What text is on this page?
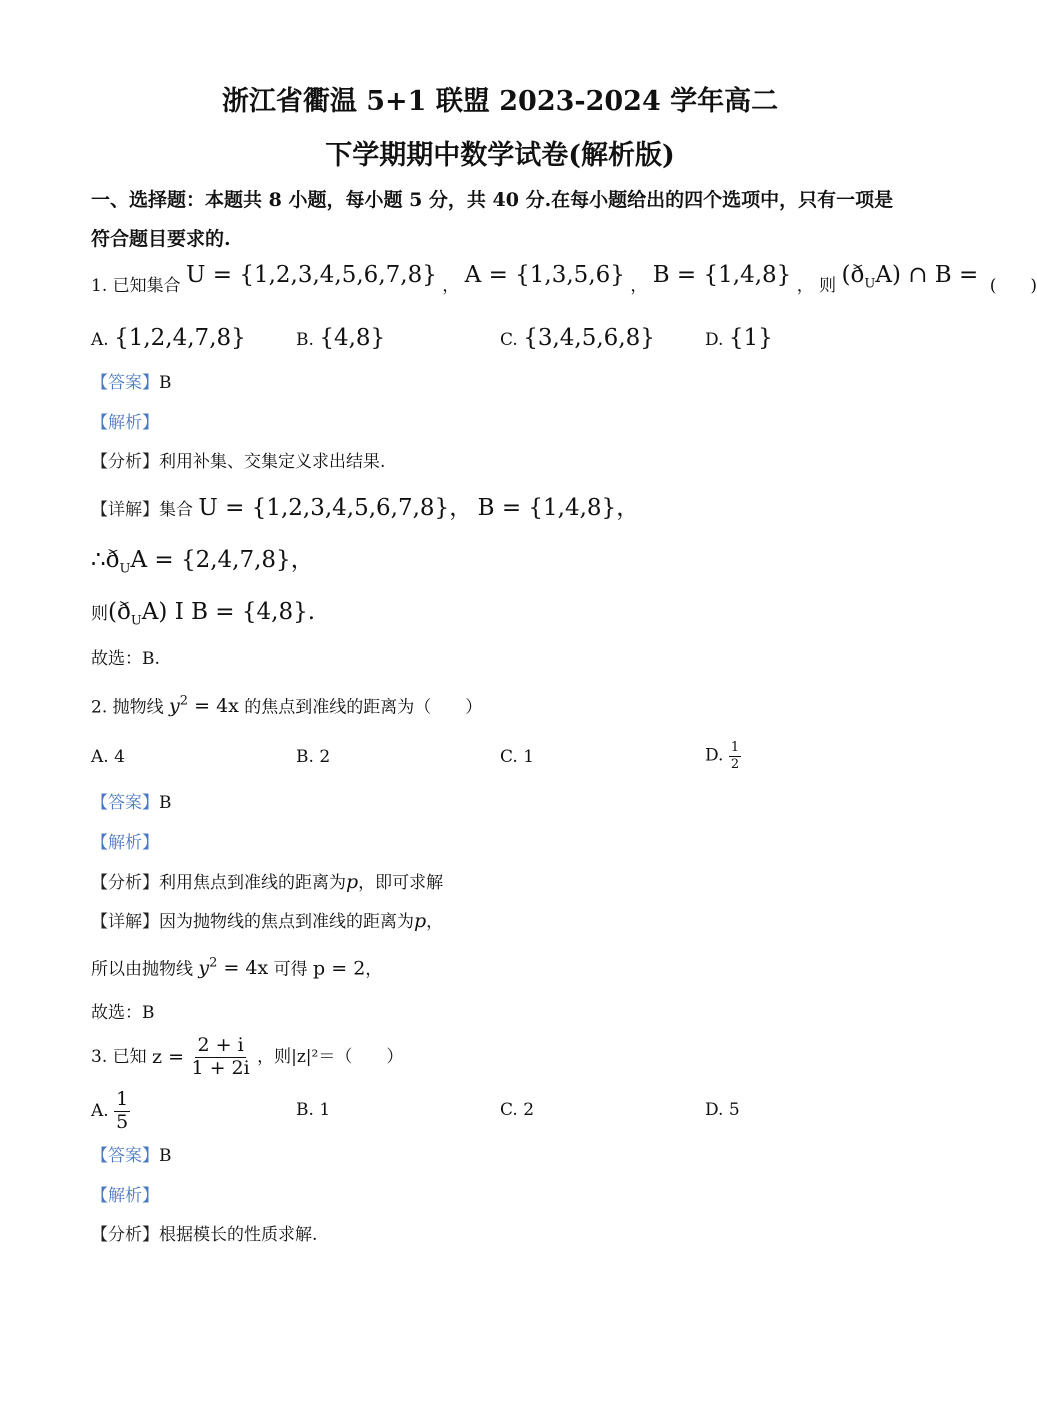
浙江省衢温 5+1 联盟 2023-2024 学年高二
下学期期中数学试卷(解析版)
一、选择题：本题共 8 小题，每小题 5 分，共 40 分.在每小题给出的四个选项中，只有一项是
符合题目要求的.
1. 已知集合 U = {1,2,3,4,5,6,7,8} ， A = {1,3,5,6} ， B = {1,4,8} ， 则 $(ð_UA)$ ∩ B = (　　)
A. {1,2,4,7,8}	B. {4,8}	C. {3,4,5,6,8}	D. {1}
【答案】B
【解析】
【分析】利用补集、交集定义求出结果.
【详解】集合 U = {1,2,3,4,5,6,7,8}， B = {1,4,8}，
$\therefore ð_UA = \{2,4,7,8\}$，
则$(ð_UA)$ I B = {4,8}.
故选：B.
2. 抛物线 $y^2 = 4x$ 的焦点到准线的距离为（　　）
A. 4	B. 2	C. 1	D. $\frac{1}{2}$
【答案】B
【解析】
【分析】利用焦点到准线的距离为p，即可求解
【详解】因为抛物线的焦点到准线的距离为p，
所以由抛物线 $y^2 = 4x$ 可得 p = 2，
故选：B
3. 已知 $z = \frac{2 + i}{1 + 2i}$ ，则|z|²＝（　　）
A. $\frac{1}{5}$	B. 1	C. 2	D. 5
【答案】B
【解析】
【分析】根据模长的性质求解.
